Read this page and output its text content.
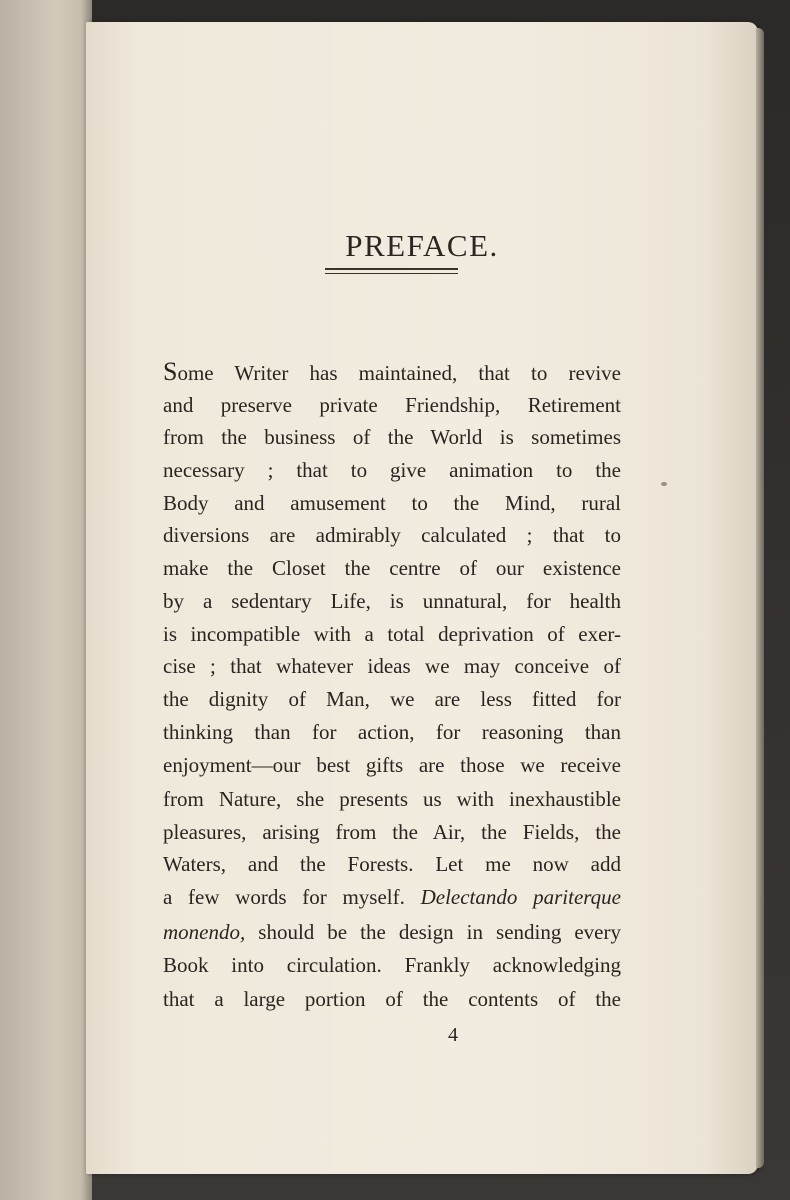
PREFACE.

Some Writer has maintained, that to revive

and preserve private Friendship, Retirement

from the business of the World is sometimes

necessary ; that to give animation to the

Body and amusement to the Mind, rural

diversions are admirably calculated ; that to

make the Closet the centre of our existence

by a sedentary Life, is unnatural, for health

is incompatible with a total deprivation of exer-

cise ; that whatever ideas we may conceive of

the dignity of Man, we are less fitted for

thinking than for action, for reasoning than

enjoyment—our best gifts are those we receive

from Nature, she presents us with inexhaustible

pleasures, arising from the Air, the Fields, the

Waters, and the Forests. Let me now add

a few words for myself. Delectando pariterque

monendo, should be the design in sending every

Book into circulation. Frankly acknowledging

that a large portion of the contents of the

4
